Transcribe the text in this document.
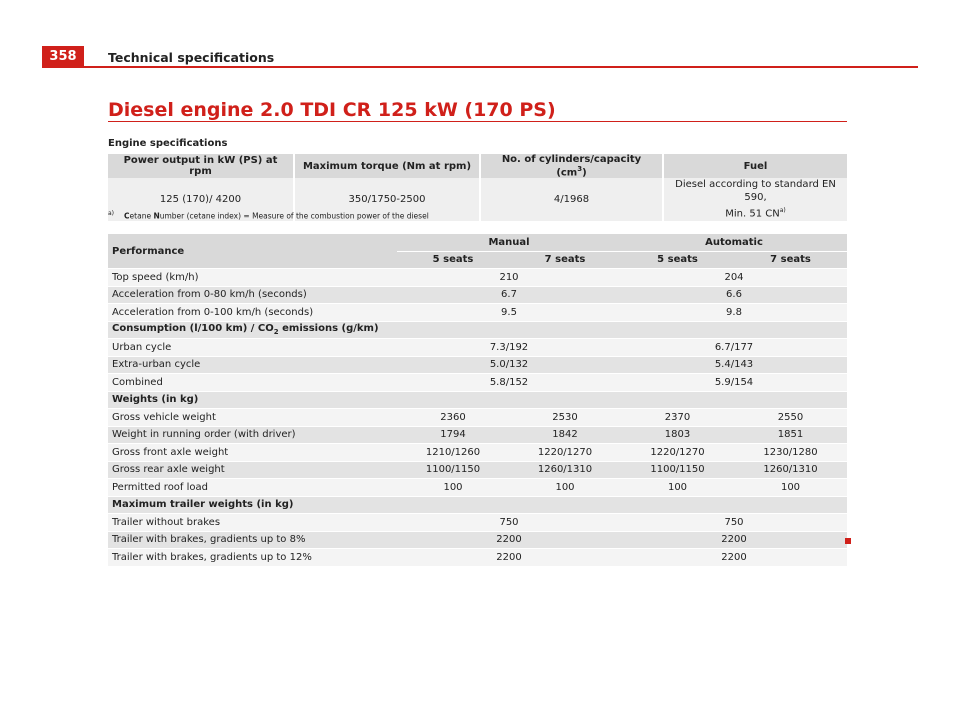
358	Technical specifications
Diesel engine 2.0 TDI CR 125 kW (170 PS)
Engine specifications
Power output in kW (PS) at rpm	Maximum torque (Nm at rpm)	No. of cylinders/capacity $(cm^3)$	Fuel
125 (170)/ 4200	350/1750-2500	4/1968	Diesel according to standard EN 590,
Min. 51 CN$^{a)}$
$^{a)}$ Cetane Number (cetane index) = Measure of the combustion power of the diesel
Performance	Manual		Automatic	
	5 seats	7 seats	5 seats	7 seats
Top speed (km/h)	210		204	
Acceleration from 0-80 km/h (seconds)	6.7		6.6	
Acceleration from 0-100 km/h (seconds)	9.5		9.8	
Consumption (l/100 $km) / CO_2$ emissions (g/km)				
Urban cycle	7.3/192		6.7/177	
Extra-urban cycle	5.0/132		5.4/143	
Combined	5.8/152		5.9/154	
Weights (in kg)				
Gross vehicle weight	2360	2530	2370	2550
Weight in running order (with driver)	1794	1842	1803	1851
Gross front axle weight	1210/1260	1220/1270	1220/1270	1230/1280
Gross rear axle weight	1100/1150	1260/1310	1100/1150	1260/1310
Permitted roof load	100	100	100	100
Maximum trailer weights (in kg)				
Trailer without brakes	750		750	
Trailer with brakes, gradients up to 8%	2200		2200	
Trailer with brakes, gradients up to 12%	2200		2200	
